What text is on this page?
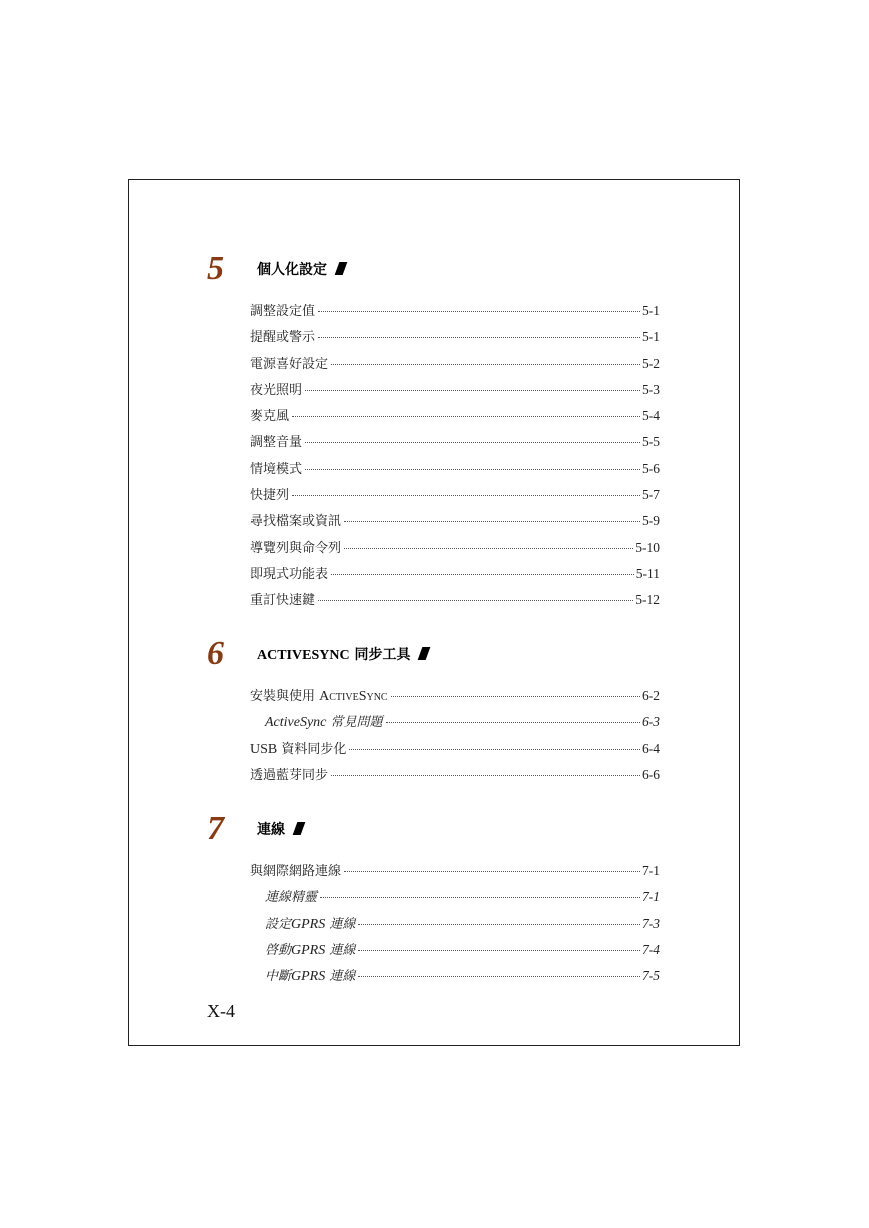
5 個人化設定
調整設定值	5-1
提醒或警示	5-1
電源喜好設定	5-2
夜光照明	5-3
麥克風	5-4
調整音量	5-5
情境模式	5-6
快捷列	5-7
尋找檔案或資訊	5-9
導覽列與命令列	5-10
即現式功能表	5-11
重訂快速鍵	5-12
6 ACTIVESYNC 同步工具
安裝與使用 ActiveSync	6-2
ActiveSync 常見問題	6-3
USB 資料同步化	6-4
透過藍芽同步	6-6
7 連線
與網際網路連線	7-1
連線精靈	7-1
設定GPRS 連線	7-3
啓動GPRS 連線	7-4
中斷GPRS 連線	7-5
X-4
